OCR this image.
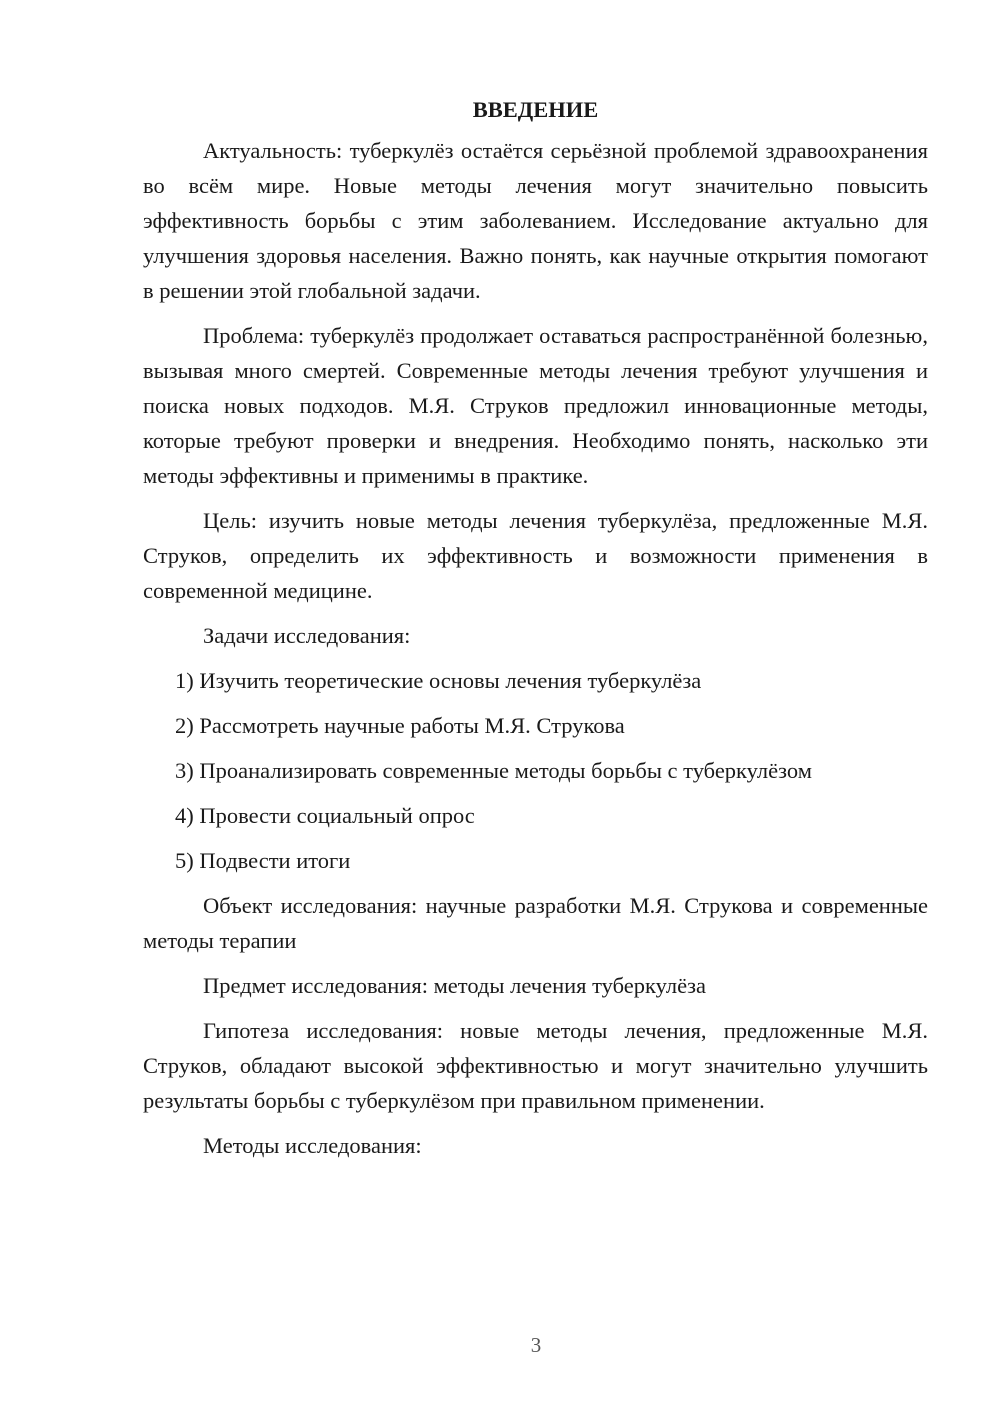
ВВЕДЕНИЕ

Актуальность: туберкулёз остаётся серьёзной проблемой здравоохранения во всём мире. Новые методы лечения могут значительно повысить эффективность борьбы с этим заболеванием. Исследование актуально для улучшения здоровья населения. Важно понять, как научные открытия помогают в решении этой глобальной задачи.

Проблема: туберкулёз продолжает оставаться распространённой болезнью, вызывая много смертей. Современные методы лечения требуют улучшения и поиска новых подходов. М.Я. Струков предложил инновационные методы, которые требуют проверки и внедрения. Необходимо понять, насколько эти методы эффективны и применимы в практике.

Цель: изучить новые методы лечения туберкулёза, предложенные М.Я. Струков, определить их эффективность и возможности применения в современной медицине.

Задачи исследования:

1) Изучить теоретические основы лечения туберкулёза
2) Рассмотреть научные работы М.Я. Струкова
3) Проанализировать современные методы борьбы с туберкулёзом
4) Провести социальный опрос
5) Подвести итоги

Объект исследования: научные разработки М.Я. Струкова и современные методы терапии

Предмет исследования: методы лечения туберкулёза

Гипотеза исследования: новые методы лечения, предложенные М.Я. Струков, обладают высокой эффективностью и могут значительно улучшить результаты борьбы с туберкулёзом при правильном применении.

Методы исследования:

3
